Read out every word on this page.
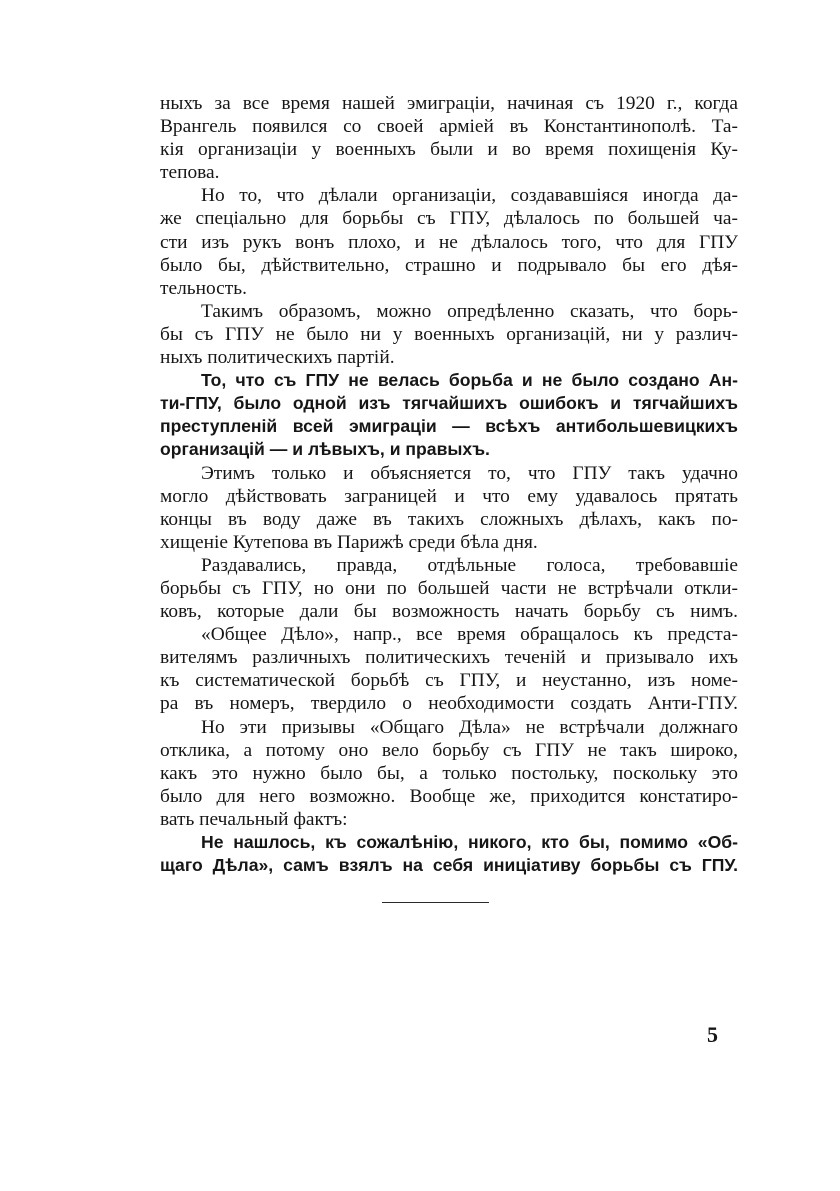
ныхъ за все время нашей эмиграціи, начиная съ 1920 г., когда
Врангель появился со своей арміей въ Константинополѣ. Та-
кія организаціи у военныхъ были и во время похищенія Ку-
тепова.
Но то, что дѣлали организаціи, создававшіяся иногда да-
же спеціально для борьбы съ ГПУ, дѣлалось по большей ча-
сти изъ рукъ вонъ плохо, и не дѣлалось того, что для ГПУ
было бы, дѣйствительно, страшно и подрывало бы его дѣя-
тельность.
Такимъ образомъ, можно опредѣленно сказать, что борь-
бы съ ГПУ не было ни у военныхъ организацій, ни у различ-
ныхъ политическихъ партій.
То, что съ ГПУ не велась борьба и не было создано Ан-
ти-ГПУ, было одной изъ тягчайшихъ ошибокъ и тягчайшихъ
преступленій всей эмиграціи — всѣхъ антибольшевицкихъ
организацій — и лѣвыхъ, и правыхъ.
Этимъ только и объясняется то, что ГПУ такъ удачно
могло дѣйствовать заграницей и что ему удавалось прятать
концы въ воду даже въ такихъ сложныхъ дѣлахъ, какъ по-
хищеніе Кутепова въ Парижѣ среди бѣла дня.
Раздавались, правда, отдѣльные голоса, требовавшіе
борьбы съ ГПУ, но они по большей части не встрѣчали откли-
ковъ, которые дали бы возможность начать борьбу съ нимъ.
«Общее Дѣло», напр., все время обращалось къ предста-
вителямъ различныхъ политическихъ теченій и призывало ихъ
къ систематической борьбѣ съ ГПУ, и неустанно, изъ номе-
ра въ номеръ, твердило о необходимости создать Анти-ГПУ.
Но эти призывы «Общаго Дѣла» не встрѣчали должнаго
отклика, а потому оно вело борьбу съ ГПУ не такъ широко,
какъ это нужно было бы, а только постольку, поскольку это
было для него возможно. Вообще же, приходится констатиро-
вать печальный фактъ:
Не нашлось, къ сожалѣнію, никого, кто бы, помимо «Об-
щаго Дѣла», самъ взялъ на себя иниціативу борьбы съ ГПУ.
5
